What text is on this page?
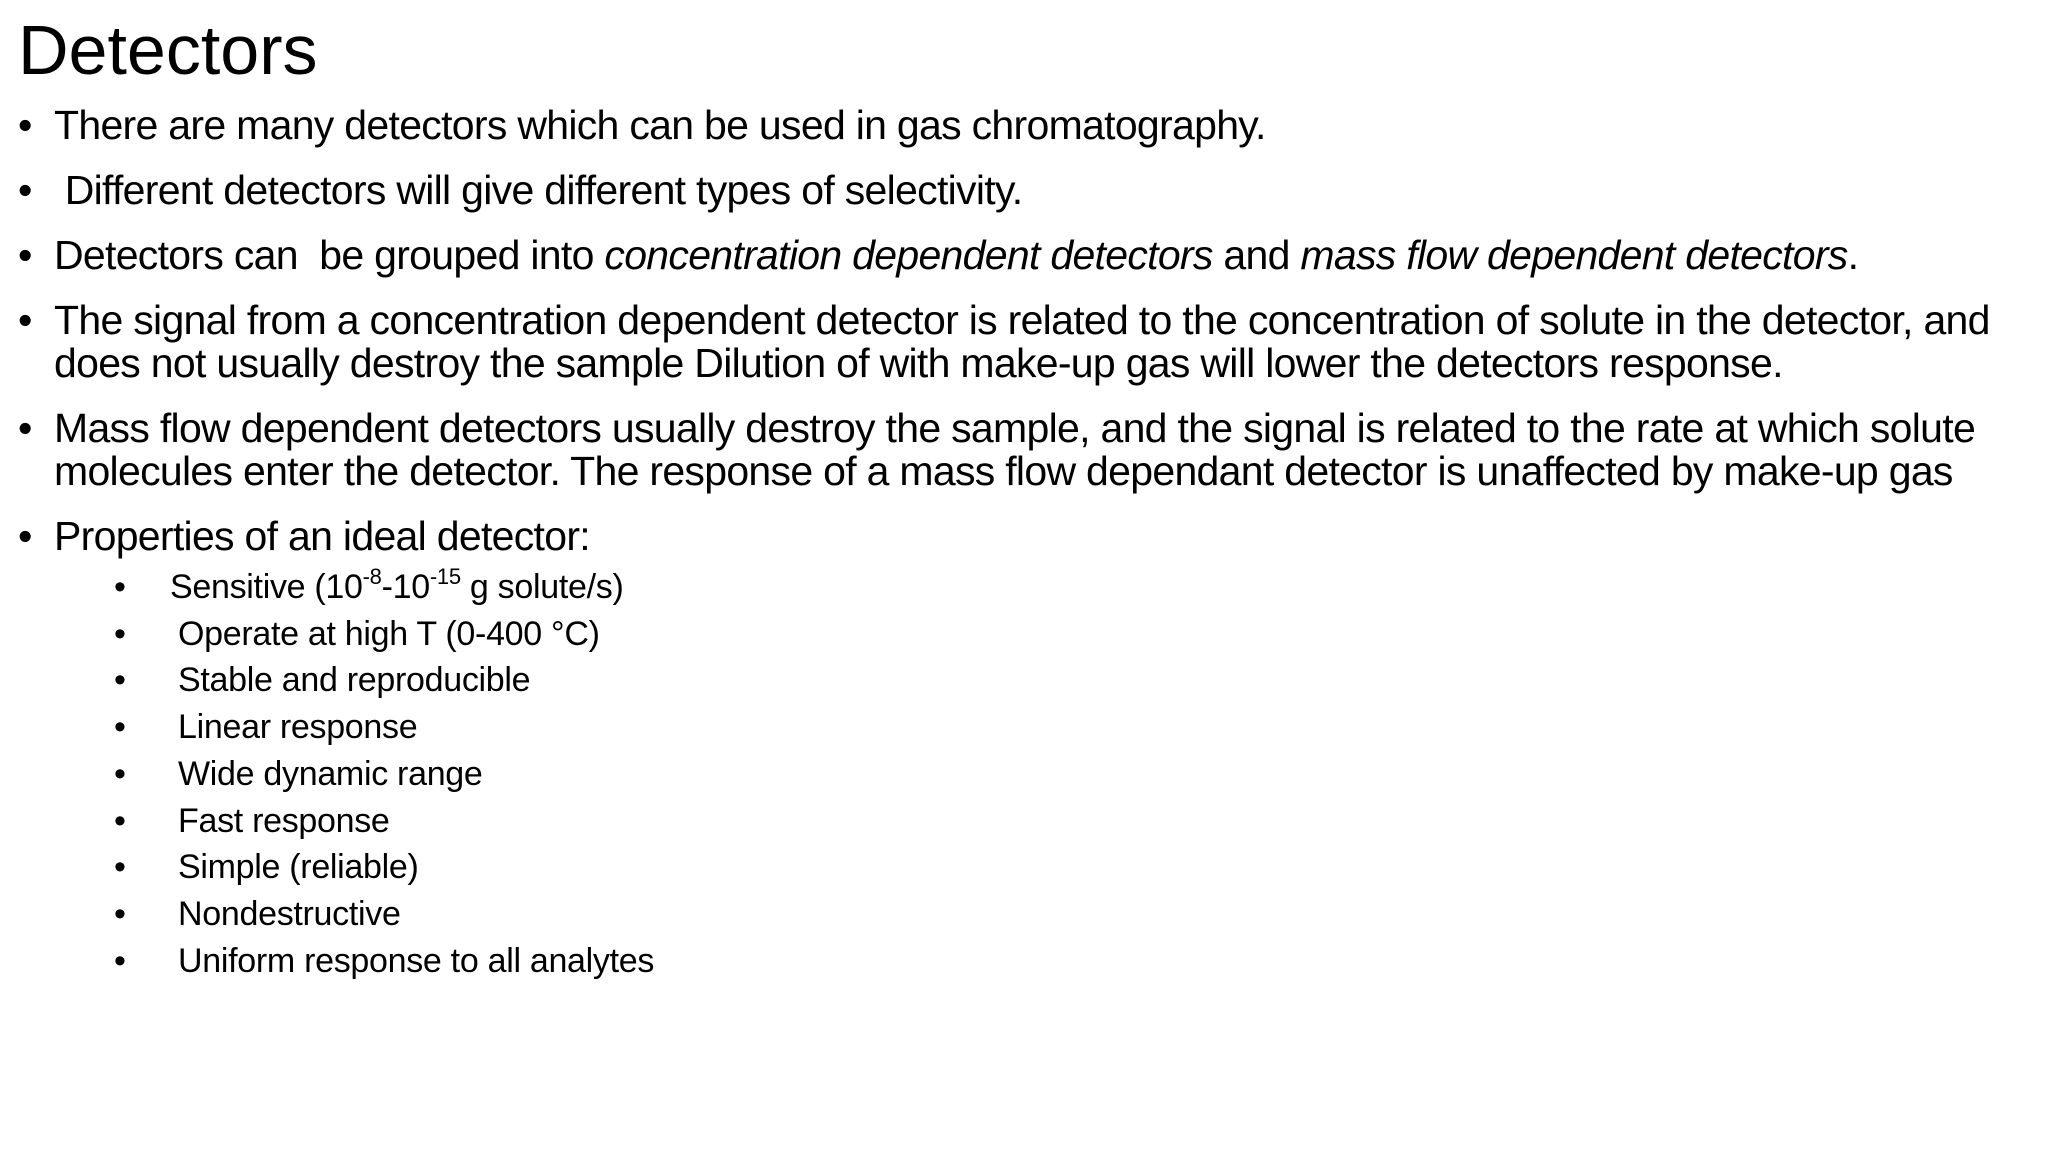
Detectors
• There are many detectors which can be used in gas chromatography.
• Different detectors will give different types of selectivity.
• Detectors can  be grouped into concentration dependent detectors and mass flow dependent detectors.
• The signal from a concentration dependent detector is related to the concentration of solute in the detector, and does not usually destroy the sample Dilution of with make-up gas will lower the detectors response.
• Mass flow dependent detectors usually destroy the sample, and the signal is related to the rate at which solute molecules enter the detector. The response of a mass flow dependant detector is unaffected by make-up gas
• Properties of an ideal detector:
• Sensitive ($10^{-8}-10^{-15}$ g solute/s)
• Operate at high T (0-400 °C)
• Stable and reproducible
• Linear response
• Wide dynamic range
• Fast response
• Simple (reliable)
• Nondestructive
• Uniform response to all analytes
